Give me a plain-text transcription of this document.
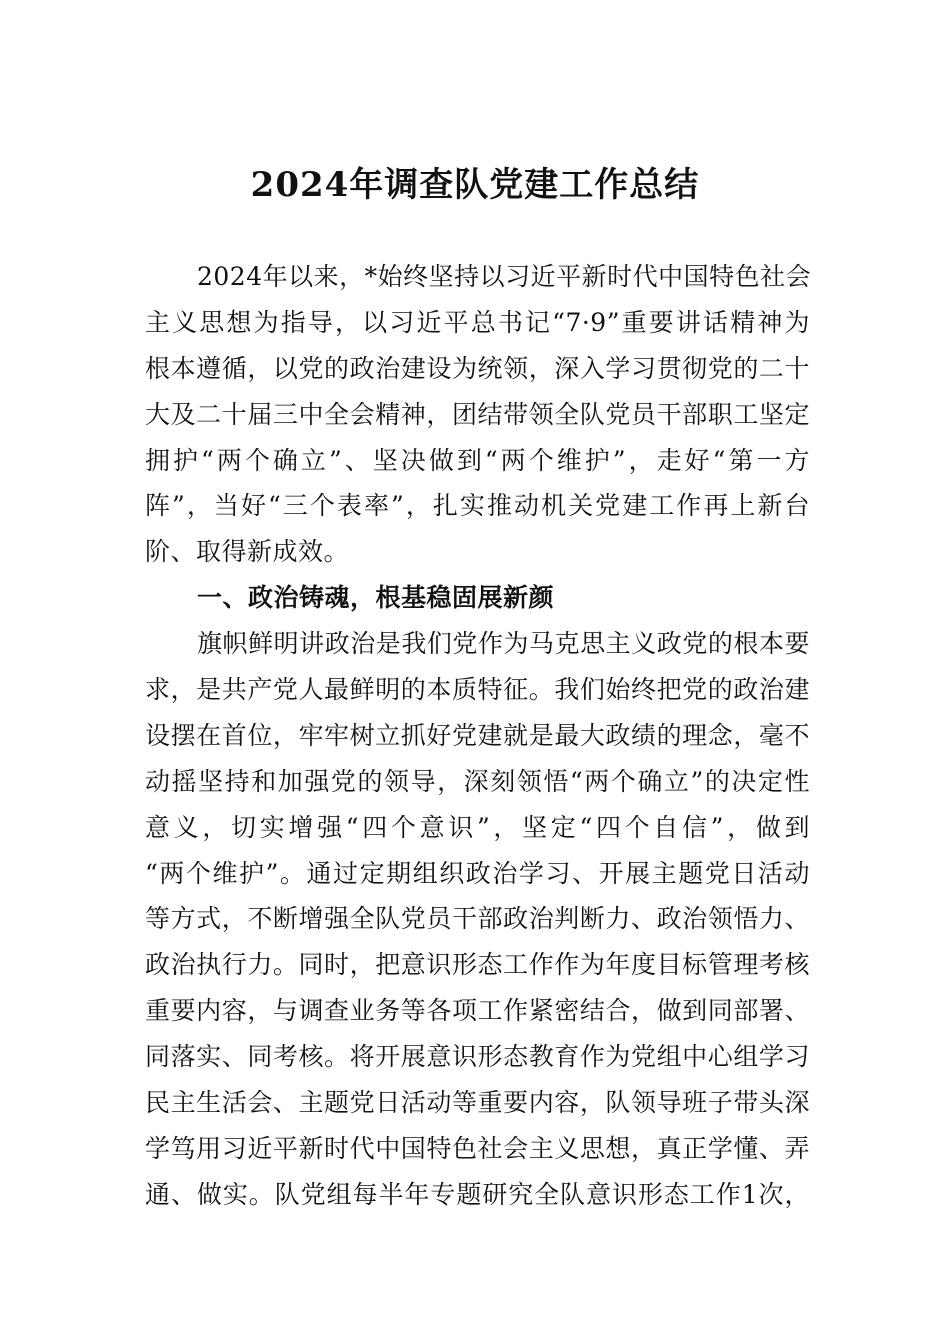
2024年调查队党建工作总结
2024年以来，*始终坚持以习近平新时代中国特色社会
主义思想为指导，以习近平总书记“7·9”重要讲话精神为
根本遵循，以党的政治建设为统领，深入学习贯彻党的二十
大及二十届三中全会精神，团结带领全队党员干部职工坚定
拥护“两个确立”、坚决做到“两个维护”，走好“第一方
阵”，当好“三个表率”，扎实推动机关党建工作再上新台
阶、取得新成效。
一、政治铸魂，根基稳固展新颜
旗帜鲜明讲政治是我们党作为马克思主义政党的根本要
求，是共产党人最鲜明的本质特征。我们始终把党的政治建
设摆在首位，牢牢树立抓好党建就是最大政绩的理念，毫不
动摇坚持和加强党的领导，深刻领悟“两个确立”的决定性
意义，切实增强“四个意识”，坚定“四个自信”，做到
“两个维护”。通过定期组织政治学习、开展主题党日活动
等方式，不断增强全队党员干部政治判断力、政治领悟力、
政治执行力。同时，把意识形态工作作为年度目标管理考核
重要内容，与调查业务等各项工作紧密结合，做到同部署、
同落实、同考核。将开展意识形态教育作为党组中心组学习
民主生活会、主题党日活动等重要内容，队领导班子带头深
学笃用习近平新时代中国特色社会主义思想，真正学懂、弄
通、做实。队党组每半年专题研究全队意识形态工作1次，
